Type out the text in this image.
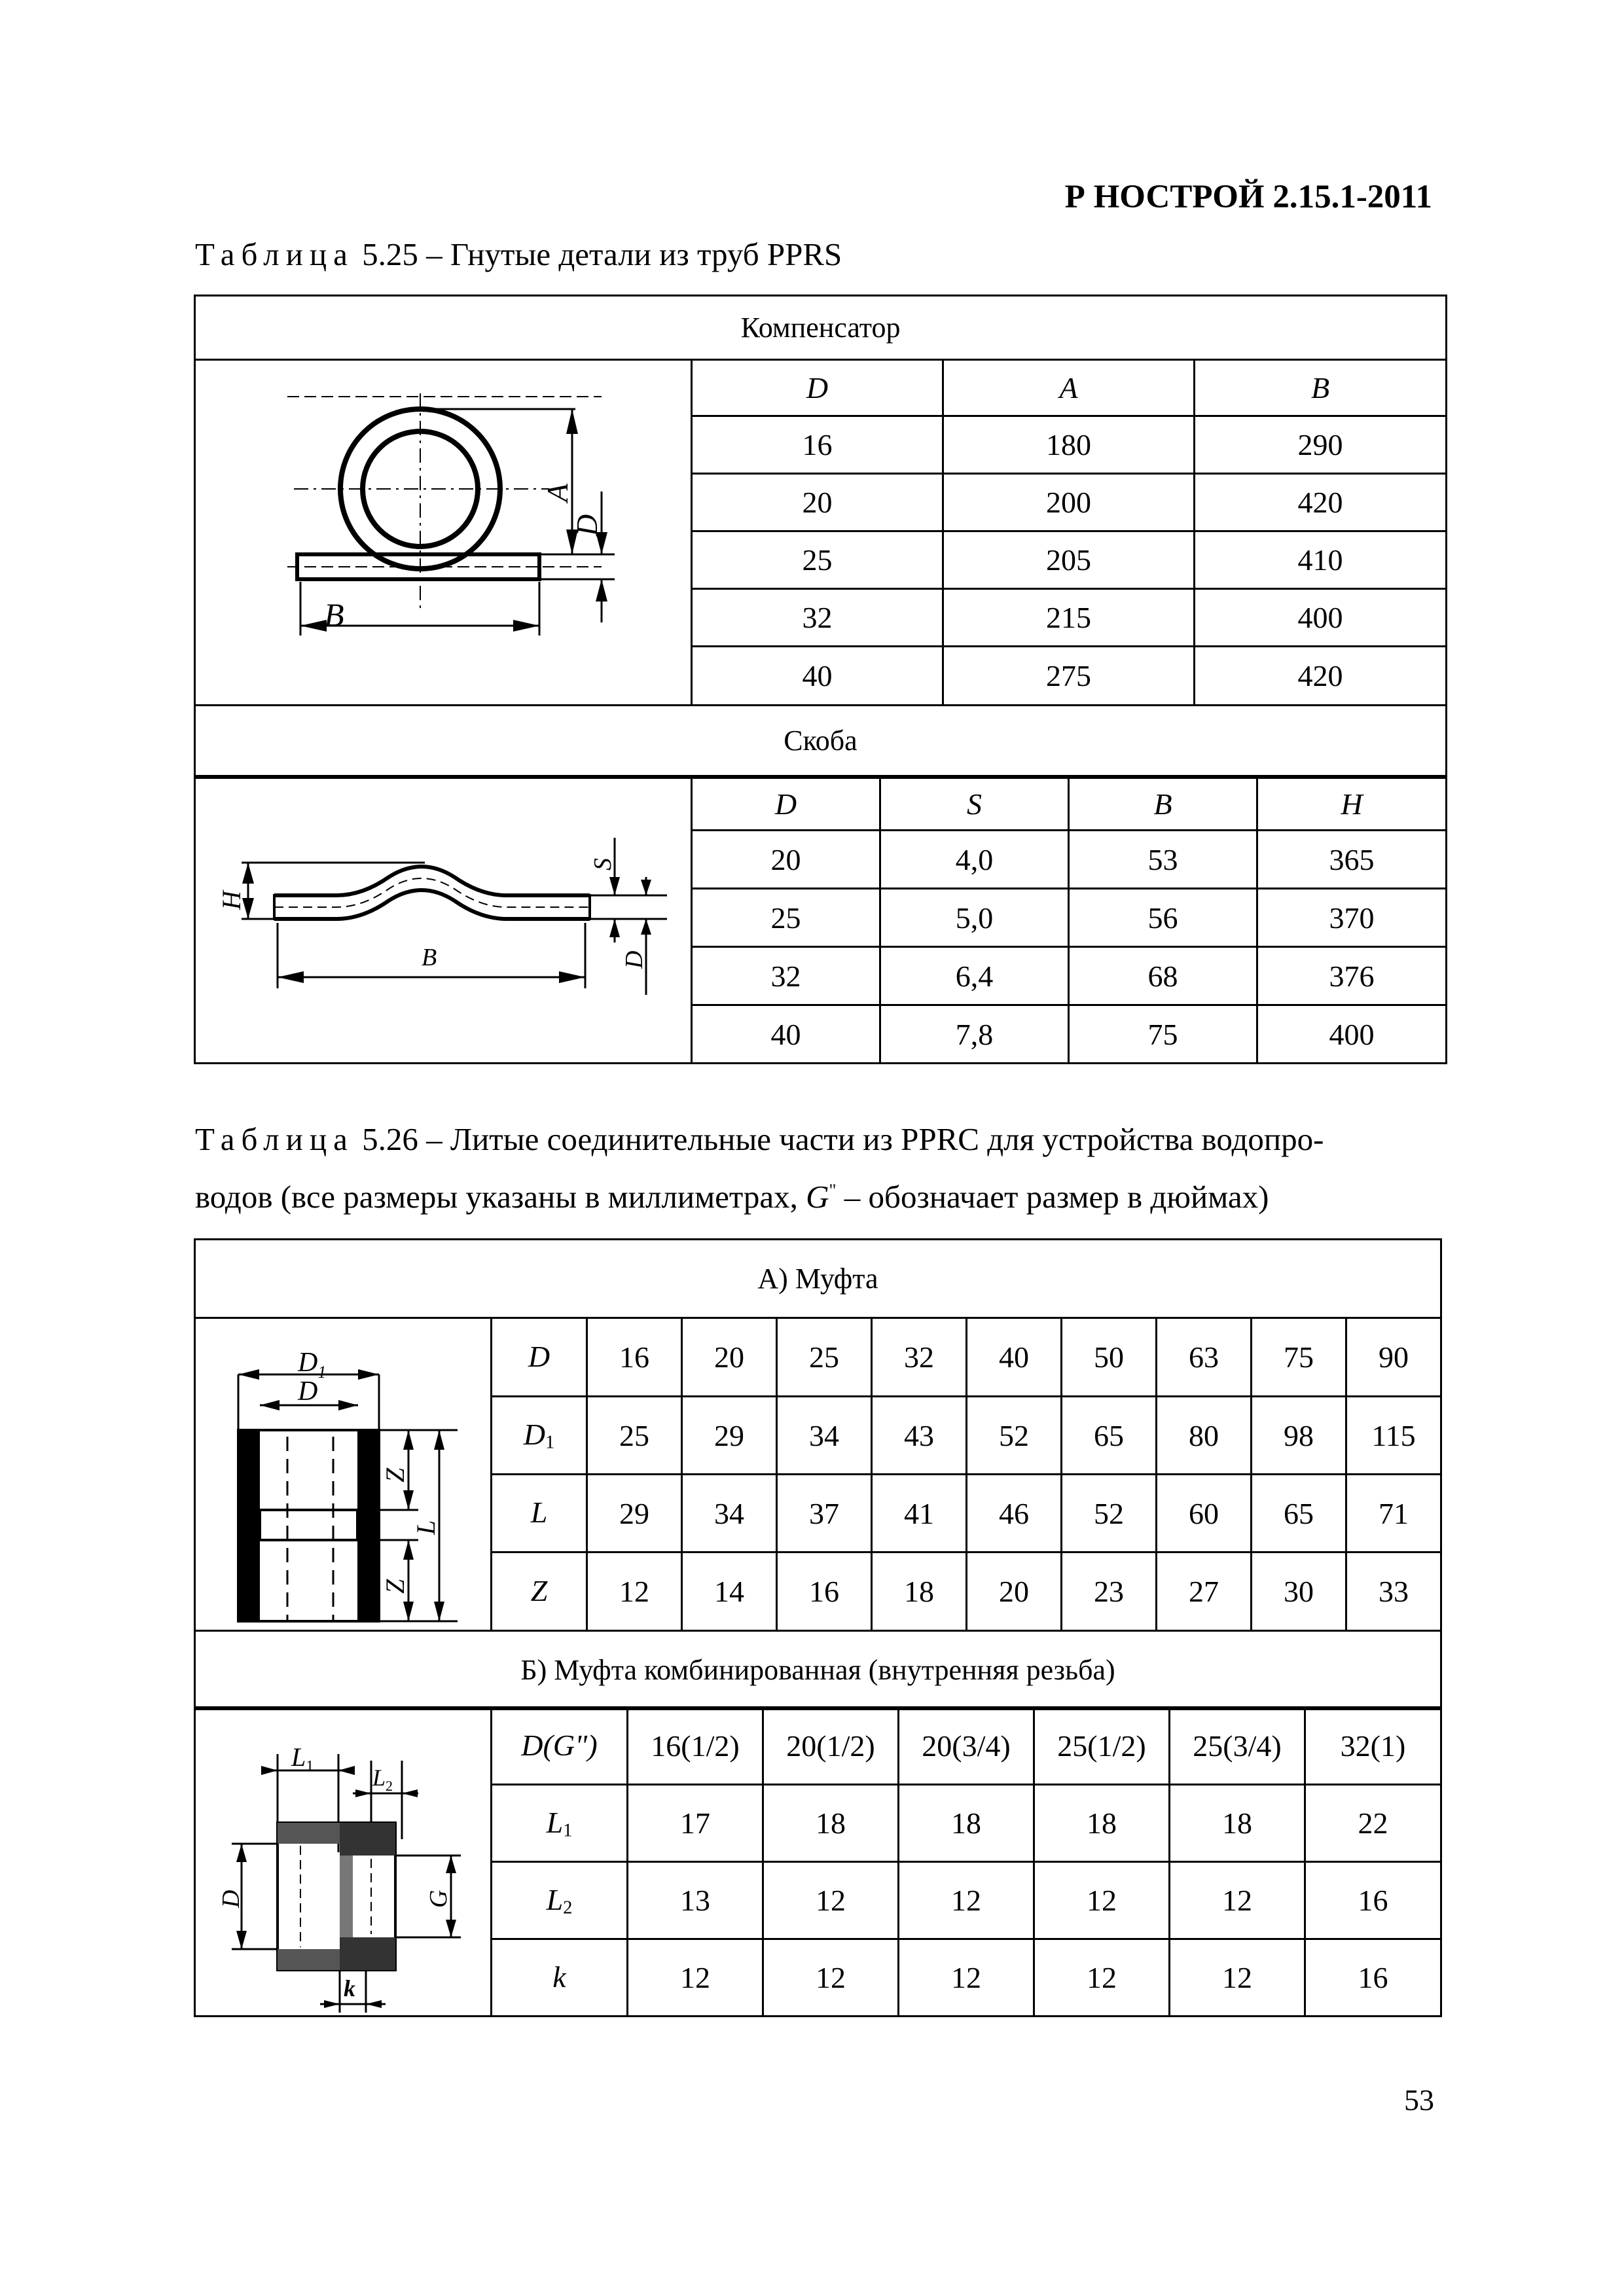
Р НОСТРОЙ 2.15.1-2011
Таблица 5.25 – Гнутые детали из труб PPRS
Компенсатор			

B
A
D	D	A	B
	16	180	290
	20	200	420
	25	205	410
	32	215	400
	40	275	420
Скоба			
H
B
S
D	D	S	B	H
	20	4,0	53	365
	25	5,0	56	370
	32	6,4	68	376
	40	7,8	75	400
Таблица 5.26 – Литые соединительные части из PPRC для устройства водопро-
водов (все размеры указаны в миллиметрах, G" – обозначает размер в дюймах)
А) Муфта										

$D_1$
D
Z
Z
L	D	16	20	25	32	40	50	63	75	90
	$D_1$	25	29	34	43	52	65	80	98	115
	L	29	34	37	41	46	52	60	65	71
	Z	12	14	16	18	20	23	27	30	33
Б) Муфта комбинированная (внутренняя резьба)										
$L_1$ $L_2$
D G
k	D(G")	16(1/2)	20(1/2)	20(3/4)	25(1/2)	25(3/4)	32(1)
	$L_1$	17	18	18	18	18	22
	$L_2$	13	12	12	12	12	16
	k	12	12	12	12	12	16
53
